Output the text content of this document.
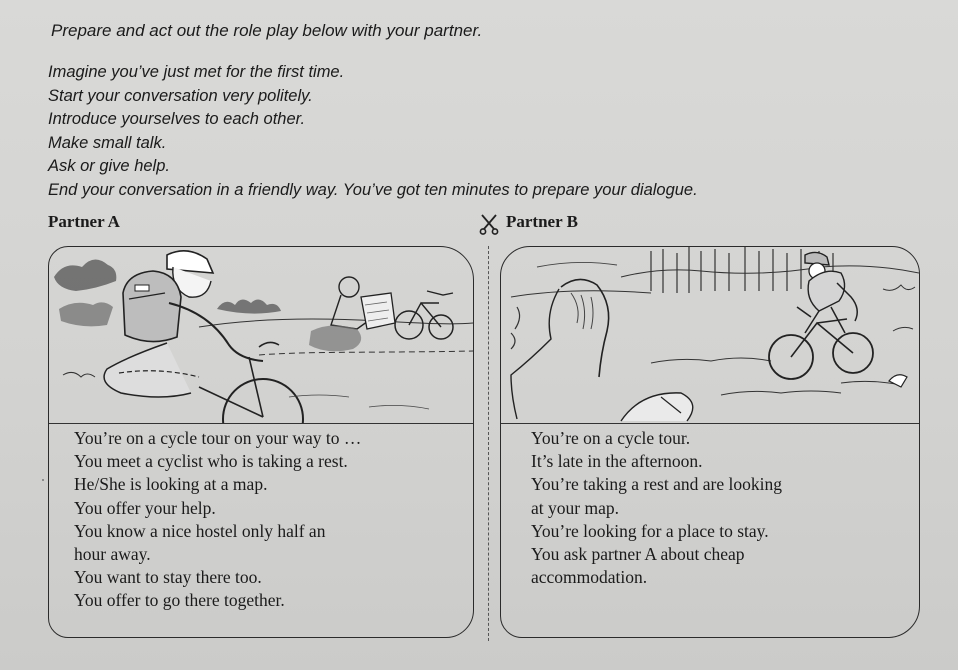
Prepare and act out the role play below with your partner.
Imagine you’ve just met for the first time.
Start your conversation very politely.
Introduce yourselves to each other.
Make small talk.
Ask or give help.
End your conversation in a friendly way. You’ve got ten minutes to prepare your dialogue.
Partner A	Partner B
You’re on a cycle tour on your way to …
You meet a cyclist who is taking a rest.
He/She is looking at a map.
You offer your help.
You know a nice hostel only half an
hour away.
You want to stay there too.
You offer to go there together.
You’re on a cycle tour.
It’s late in the afternoon.
You’re taking a rest and are looking
at your map.
You’re looking for a place to stay.
You ask partner A about cheap
accommodation.
